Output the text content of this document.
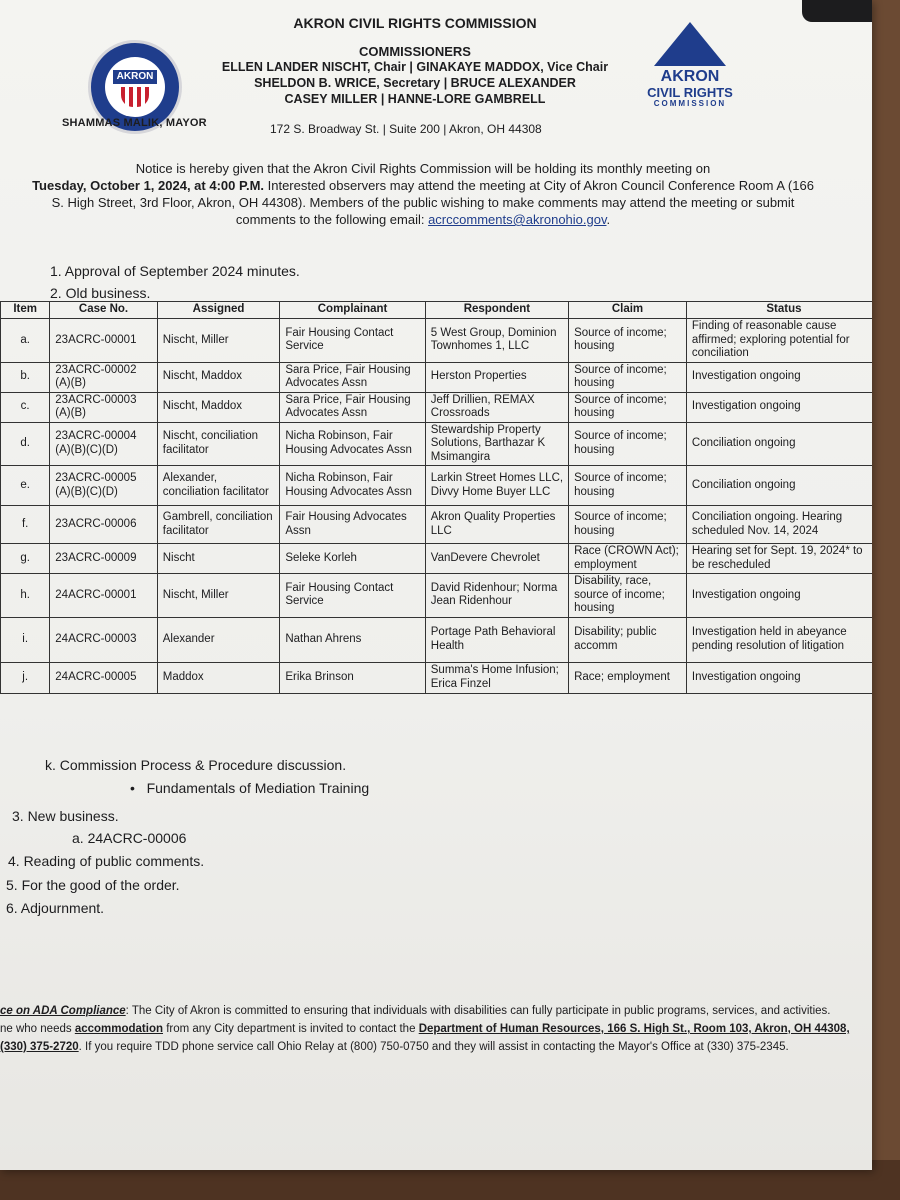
AKRON
SHAMMAS MALIK, MAYOR
AKRON CIVIL RIGHTS COMMISSION
COMMISSIONERS
ELLEN LANDER NISCHT, Chair | GINAKAYE MADDOX, Vice Chair
SHELDON B. WRICE, Secretary | BRUCE ALEXANDER
CASEY MILLER | HANNE-LORE GAMBRELL
172 S. Broadway St. | Suite 200 | Akron, OH 44308
AKRON
CIVIL RIGHTS
COMMISSION
Notice is hereby given that the Akron Civil Rights Commission will be holding its monthly meeting on
Tuesday, October 1, 2024, at 4:00 P.M. Interested observers may attend the meeting at City of Akron Council Conference Room A (166 S. High Street, 3rd Floor, Akron, OH 44308). Members of the public wishing to make comments may attend the meeting or submit comments to the following email: acrccomments@akronohio.gov.
1. Approval of September 2024 minutes.
2. Old business.
Item	Case No.	Assigned	Complainant	Respondent	Claim	Status
a.	23ACRC-00001	Nischt, Miller	Fair Housing Contact Service	5 West Group, Dominion Townhomes 1, LLC	Source of income; housing	Finding of reasonable cause affirmed; exploring potential for conciliation
b.	23ACRC-00002 (A)(B)	Nischt, Maddox	Sara Price, Fair Housing Advocates Assn	Herston Properties	Source of income; housing	Investigation ongoing
c.	23ACRC-00003 (A)(B)	Nischt, Maddox	Sara Price, Fair Housing Advocates Assn	Jeff Drillien, REMAX Crossroads	Source of income; housing	Investigation ongoing
d.	23ACRC-00004 (A)(B)(C)(D)	Nischt, conciliation facilitator	Nicha Robinson, Fair Housing Advocates Assn	Stewardship Property Solutions, Barthazar K Msimangira	Source of income; housing	Conciliation ongoing
e.	23ACRC-00005 (A)(B)(C)(D)	Alexander, conciliation facilitator	Nicha Robinson, Fair Housing Advocates Assn	Larkin Street Homes LLC, Divvy Home Buyer LLC	Source of income; housing	Conciliation ongoing
f.	23ACRC-00006	Gambrell, conciliation facilitator	Fair Housing Advocates Assn	Akron Quality Properties LLC	Source of income; housing	Conciliation ongoing. Hearing scheduled Nov. 14, 2024
g.	23ACRC-00009	Nischt	Seleke Korleh	VanDevere Chevrolet	Race (CROWN Act); employment	Hearing set for Sept. 19, 2024* to be rescheduled
h.	24ACRC-00001	Nischt, Miller	Fair Housing Contact Service	David Ridenhour; Norma Jean Ridenhour	Disability, race, source of income; housing	Investigation ongoing
i.	24ACRC-00003	Alexander	Nathan Ahrens	Portage Path Behavioral Health	Disability; public accomm	Investigation held in abeyance pending resolution of litigation
j.	24ACRC-00005	Maddox	Erika Brinson	Summa's Home Infusion; Erica Finzel	Race; employment	Investigation ongoing
k. Commission Process & Procedure discussion.
•   Fundamentals of Mediation Training
3. New business.
a. 24ACRC-00006
4. Reading of public comments.
5. For the good of the order.
6. Adjournment.
ce on ADA Compliance: The City of Akron is committed to ensuring that individuals with disabilities can fully participate in public programs, services, and activities.
ne who needs accommodation from any City department is invited to contact the Department of Human Resources, 166 S. High St., Room 103, Akron, OH 44308,
(330) 375-2720. If you require TDD phone service call Ohio Relay at (800) 750-0750 and they will assist in contacting the Mayor's Office at (330) 375-2345.
